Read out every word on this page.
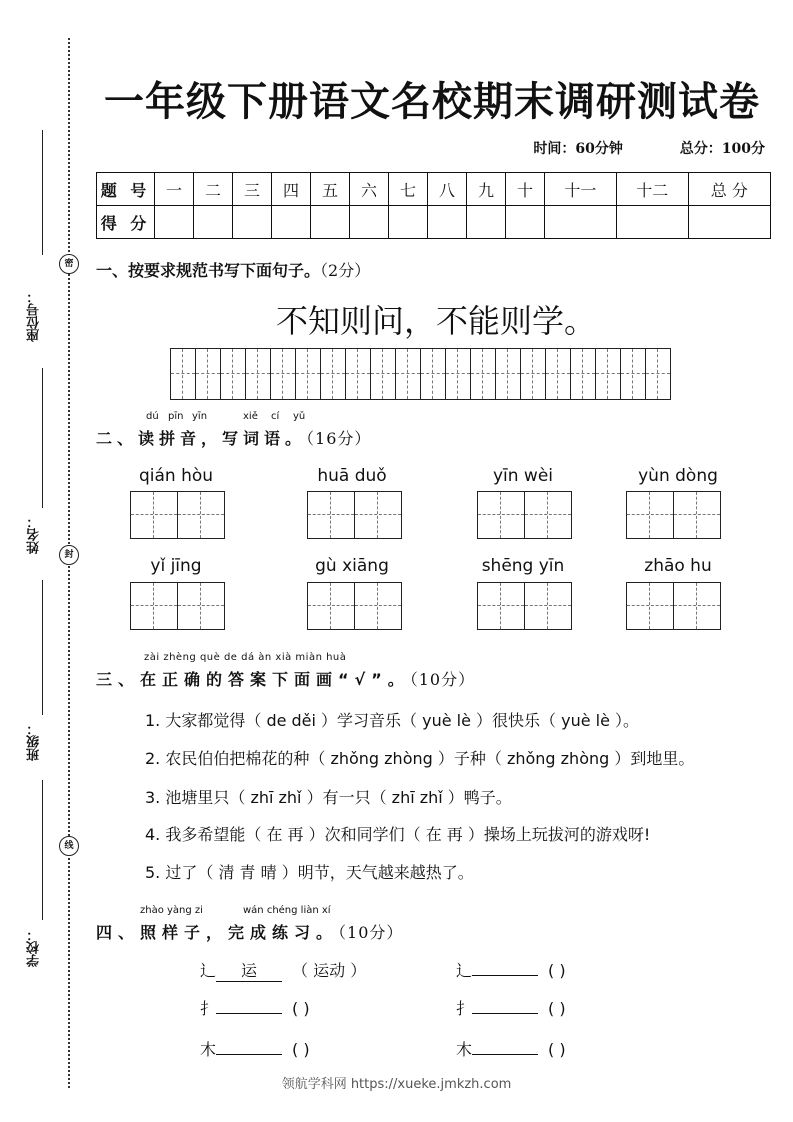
座位号：
姓名：
班级：
学校：
密
封
线
一年级下册语文名校期末调研测试卷
时间：60分钟	总分：100分
题 号	一	二	三	四	五	六	七	八	九	十	十一	十二	总 分
得 分													
一、按要求规范书写下面句子。（2分）
不知则问，不能则学。
dú pīn yīn	xiě cí yǔ
二、读拼音，写词语。（16分）
qián hòu	huā duǒ	yīn wèi	yùn dòng
yǐ jīng	gù xiāng	shēng yīn	zhāo hu
zài zhèng què de dá àn xià miàn huà
三、在正确的答案下面画“√”。（10分）
1. 大家都觉得（ de děi ）学习音乐（ yuè lè ）很快乐（ yuè lè ）。
2. 农民伯伯把棉花的种（ zhǒng zhòng ）子种（ zhǒng zhòng ）到地里。
3. 池塘里只（ zhī zhǐ ）有一只（ zhī zhǐ ）鸭子。
4. 我多希望能（ 在 再 ）次和同学们（ 在 再 ）操场上玩拔河的游戏呀!
5. 过了（ 清 青 晴 ）明节，天气越来越热了。
zhào yàng zi	wán chéng liàn xí
四、照样子，完成练习。（10分）
辶 运 （ 运动 ）	辶	( )
扌	( )	扌	( )
木	( )	木	( )
领航学科网 https://xueke.jmkzh.com
